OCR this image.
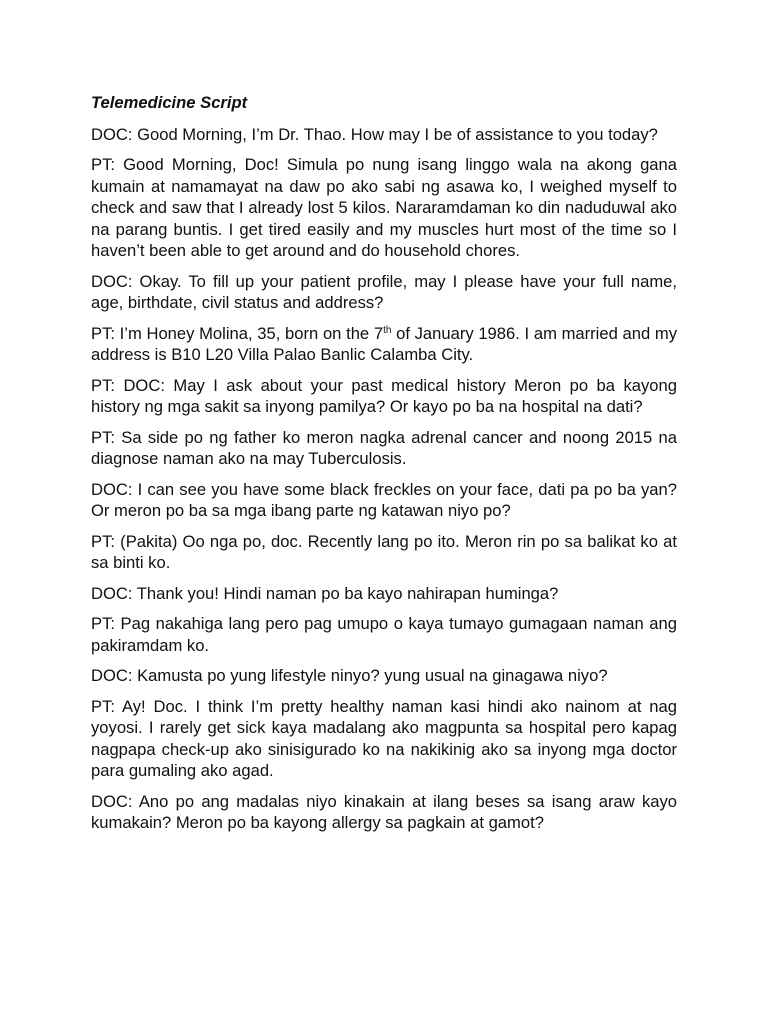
Telemedicine Script

DOC: Good Morning, I’m Dr. Thao. How may I be of assistance to you today?

PT: Good Morning, Doc! Simula po nung isang linggo wala na akong gana kumain at namamayat na daw po ako sabi ng asawa ko, I weighed myself to check and saw that I already lost 5 kilos. Nararamdaman ko din naduduwal ako na parang buntis. I get tired easily and my muscles hurt most of the time so I haven’t been able to get around and do household chores.

DOC: Okay. To fill up your patient profile, may I please have your full name, age, birthdate, civil status and address?

PT: I’m Honey Molina, 35, born on the 7th of January 1986. I am married and my address is B10 L20 Villa Palao Banlic Calamba City.

PT: DOC: May I ask about your past medical history Meron po ba kayong history ng mga sakit sa inyong pamilya? Or kayo po ba na hospital na dati?

PT: Sa side po ng father ko meron nagka adrenal cancer and noong 2015 na diagnose naman ako na may Tuberculosis.

DOC: I can see you have some black freckles on your face, dati pa po ba yan? Or meron po ba sa mga ibang parte ng katawan niyo po?

PT: (Pakita) Oo nga po, doc. Recently lang po ito. Meron rin po sa balikat ko at sa binti ko.

DOC: Thank you! Hindi naman po ba kayo nahirapan huminga?

PT: Pag nakahiga lang pero pag umupo o kaya tumayo gumagaan naman ang pakiramdam ko.

DOC: Kamusta po yung lifestyle ninyo? yung usual na ginagawa niyo?

PT: Ay! Doc. I think I’m pretty healthy naman kasi hindi ako nainom at nag yoyosi. I rarely get sick kaya madalang ako magpunta sa hospital pero kapag nagpapa check-up ako sinisigurado ko na nakikinig ako sa inyong mga doctor para gumaling ako agad.

DOC: Ano po ang madalas niyo kinakain at ilang beses sa isang araw kayo kumakain? Meron po ba kayong allergy sa pagkain at gamot?
